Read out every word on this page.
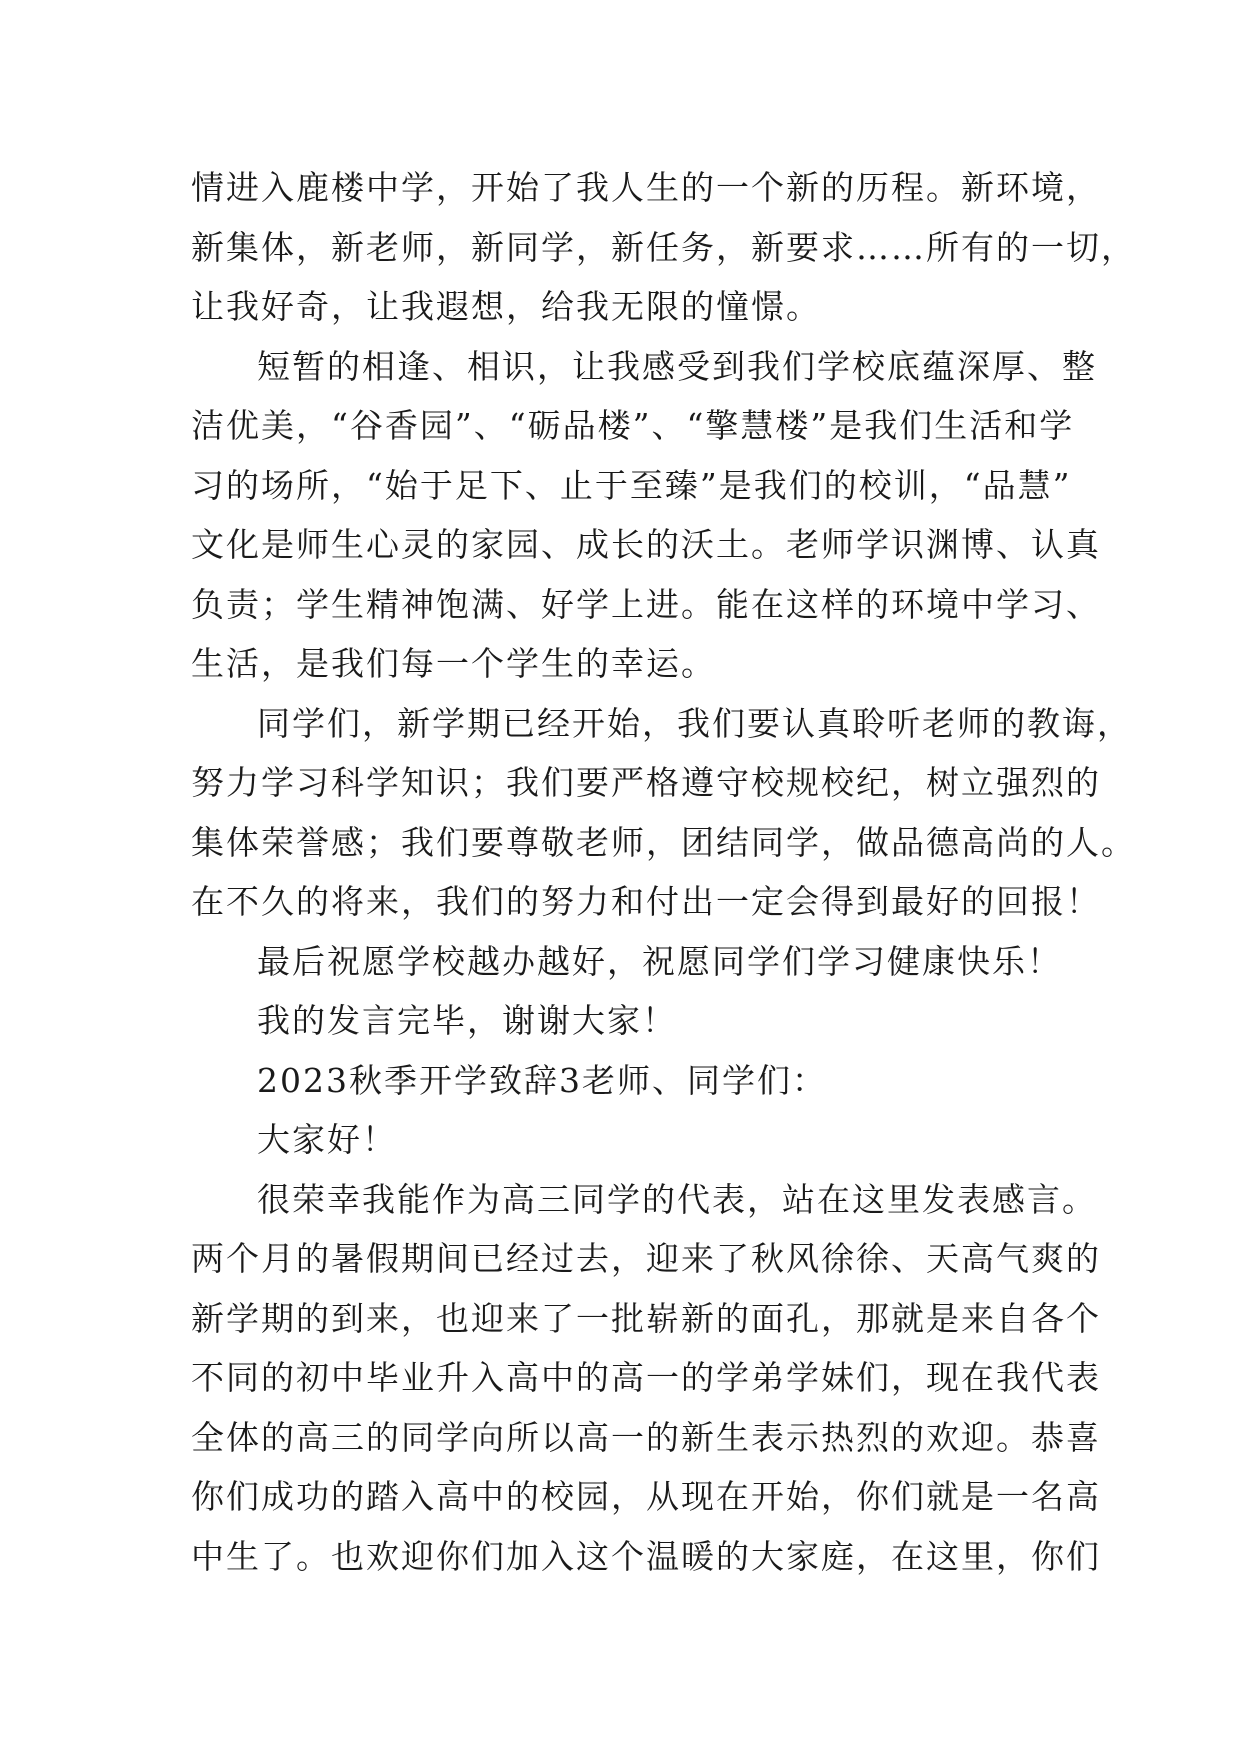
情进入鹿楼中学，开始了我人生的一个新的历程。新环境，
新集体，新老师，新同学，新任务，新要求……所有的一切，
让我好奇，让我遐想，给我无限的憧憬。
短暂的相逢、相识，让我感受到我们学校底蕴深厚、整
洁优美，“谷香园”、“砺品楼”、“擎慧楼”是我们生活和学
习的场所，“始于足下、止于至臻”是我们的校训，“品慧”
文化是师生心灵的家园、成长的沃土。老师学识渊博、认真
负责；学生精神饱满、好学上进。能在这样的环境中学习、
生活，是我们每一个学生的幸运。
同学们，新学期已经开始，我们要认真聆听老师的教诲，
努力学习科学知识；我们要严格遵守校规校纪，树立强烈的
集体荣誉感；我们要尊敬老师，团结同学，做品德高尚的人。
在不久的将来，我们的努力和付出一定会得到最好的回报！
最后祝愿学校越办越好，祝愿同学们学习健康快乐！
我的发言完毕，谢谢大家！
2023秋季开学致辞3老师、同学们：
大家好！
很荣幸我能作为高三同学的代表，站在这里发表感言。
两个月的暑假期间已经过去，迎来了秋风徐徐、天高气爽的
新学期的到来，也迎来了一批崭新的面孔，那就是来自各个
不同的初中毕业升入高中的高一的学弟学妹们，现在我代表
全体的高三的同学向所以高一的新生表示热烈的欢迎。恭喜
你们成功的踏入高中的校园，从现在开始，你们就是一名高
中生了。也欢迎你们加入这个温暖的大家庭，在这里，你们
